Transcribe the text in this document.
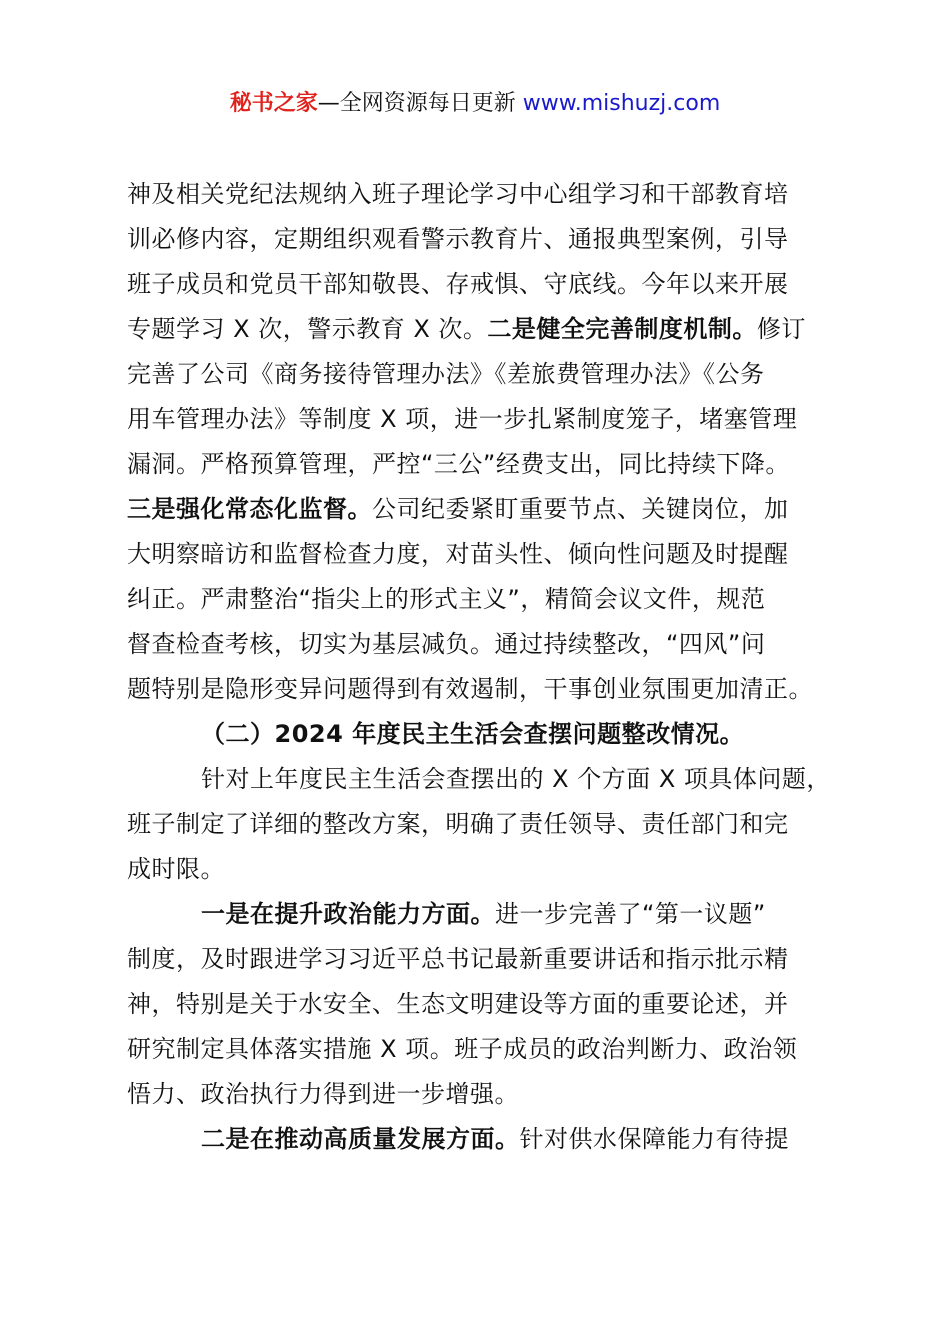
秘书之家—全网资源每日更新 www.mishuzj.com
神及相关党纪法规纳入班子理论学习中心组学习和干部教育培
训必修内容，定期组织观看警示教育片、通报典型案例，引导
班子成员和党员干部知敬畏、存戒惧、守底线。今年以来开展
专题学习 X 次，警示教育 X 次。二是健全完善制度机制。修订
完善了公司《商务接待管理办法》《差旅费管理办法》《公务
用车管理办法》等制度 X 项，进一步扎紧制度笼子，堵塞管理
漏洞。严格预算管理，严控“三公”经费支出，同比持续下降。
三是强化常态化监督。公司纪委紧盯重要节点、关键岗位，加
大明察暗访和监督检查力度，对苗头性、倾向性问题及时提醒
纠正。严肃整治“指尖上的形式主义”，精简会议文件，规范
督查检查考核，切实为基层减负。通过持续整改，“四风”问
题特别是隐形变异问题得到有效遏制，干事创业氛围更加清正。
（二）2024 年度民主生活会查摆问题整改情况。
针对上年度民主生活会查摆出的 X 个方面 X 项具体问题，
班子制定了详细的整改方案，明确了责任领导、责任部门和完
成时限。
一是在提升政治能力方面。进一步完善了“第一议题”
制度，及时跟进学习习近平总书记最新重要讲话和指示批示精
神，特别是关于水安全、生态文明建设等方面的重要论述，并
研究制定具体落实措施 X 项。班子成员的政治判断力、政治领
悟力、政治执行力得到进一步增强。
二是在推动高质量发展方面。针对供水保障能力有待提
